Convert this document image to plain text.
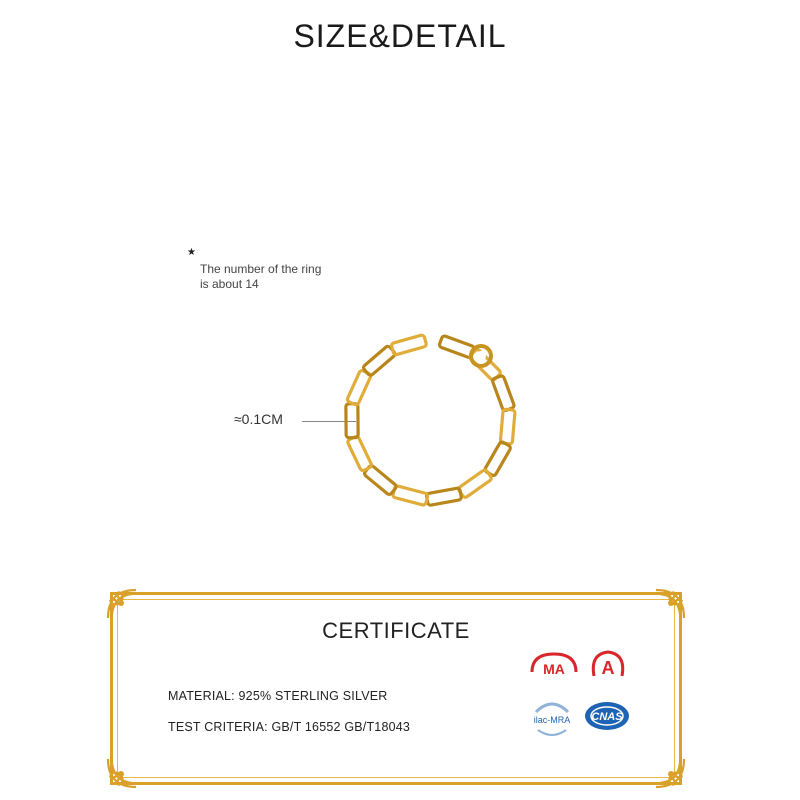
SIZE&DETAIL
★
The number of the ring is about 14
≈0.1CM
CERTIFICATE
MATERIAL: 925% STERLING SILVER
TEST CRITERIA: GB/T 16552 GB/T18043
MA A
ilac-MRA CNAS
